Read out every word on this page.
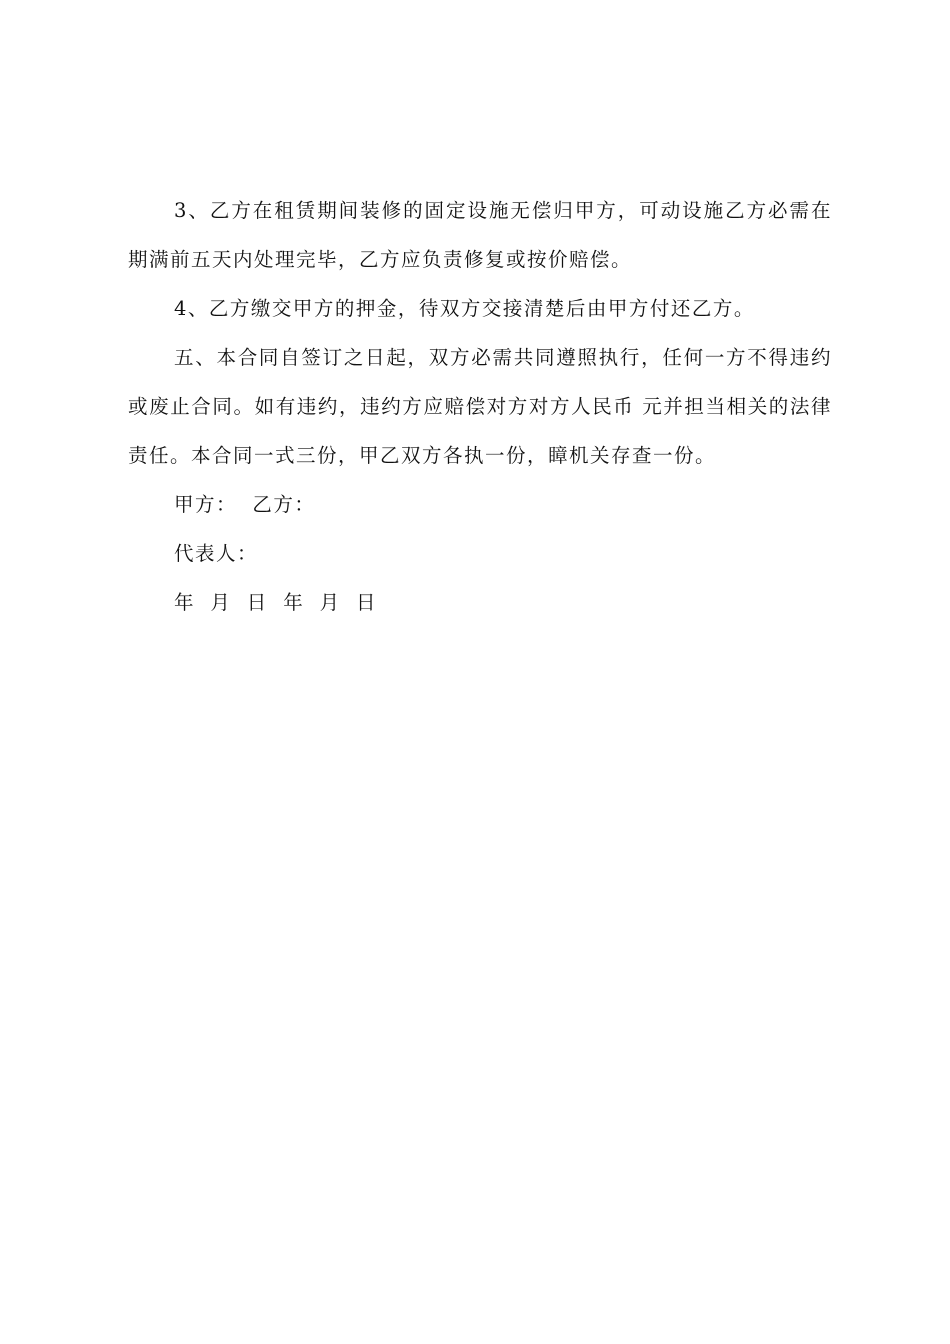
3、乙方在租赁期间装修的固定设施无偿归甲方，可动设施乙方必需在期满前五天内处理完毕，乙方应负责修复或按价赔偿。

4、乙方缴交甲方的押金，待双方交接清楚后由甲方付还乙方。

五、本合同自签订之日起，双方必需共同遵照执行，任何一方不得违约或废止合同。如有违约，违约方应赔偿对方对方人民币 元并担当相关的法律责任。本合同一式三份，甲乙双方各执一份，瞕机关存查一份。

甲方：  乙方：

代表人：

年  月  日  年  月  日
